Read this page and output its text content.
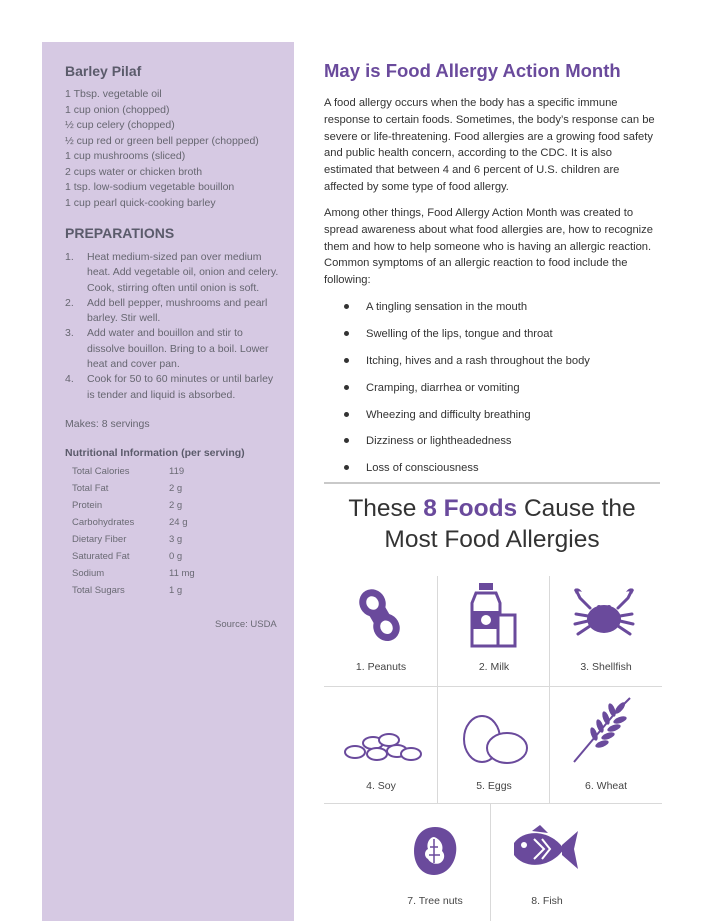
Barley Pilaf
1 Tbsp. vegetable oil
1 cup onion (chopped)
½ cup celery (chopped)
½ cup red or green bell pepper (chopped)
1 cup mushrooms (sliced)
2 cups water or chicken broth
1 tsp. low-sodium vegetable bouillon
1 cup pearl quick-cooking barley
PREPARATIONS
1. Heat medium-sized pan over medium heat. Add vegetable oil, onion and celery. Cook, stirring often until onion is soft.
2. Add bell pepper, mushrooms and pearl barley. Stir well.
3. Add water and bouillon and stir to dissolve bouillon. Bring to a boil. Lower heat and cover pan.
4. Cook for 50 to 60 minutes or until barley is tender and liquid is absorbed.
Makes: 8 servings
Nutritional Information (per serving)
Total Calories	119
Total Fat	2 g
Protein	2 g
Carbohydrates	24 g
Dietary Fiber	3 g
Saturated Fat	0 g
Sodium	11 mg
Total Sugars	1 g
Source: USDA
May is Food Allergy Action Month

A food allergy occurs when the body has a specific immune response to certain foods. Sometimes, the body’s response can be severe or life-threatening. Food allergies are a growing food safety and public health concern, according to the CDC. It is also estimated that between 4 and 6 percent of U.S. children are affected by some type of food allergy.

Among other things, Food Allergy Action Month was created to spread awareness about what food allergies are, how to recognize them and how to help someone who is having an allergic reaction. Common symptoms of an allergic reaction to food include the following:

A tingling sensation in the mouth
Swelling of the lips, tongue and throat
Itching, hives and a rash throughout the body
Cramping, diarrhea or vomiting
Wheezing and difficulty breathing
Dizziness or lightheadedness
Loss of consciousness
These 8 Foods Cause the
Most Food Allergies
1. Peanuts	2. Milk	3. Shellfish
4. Soy	5. Eggs	6. Wheat
7. Tree nuts	8. Fish
